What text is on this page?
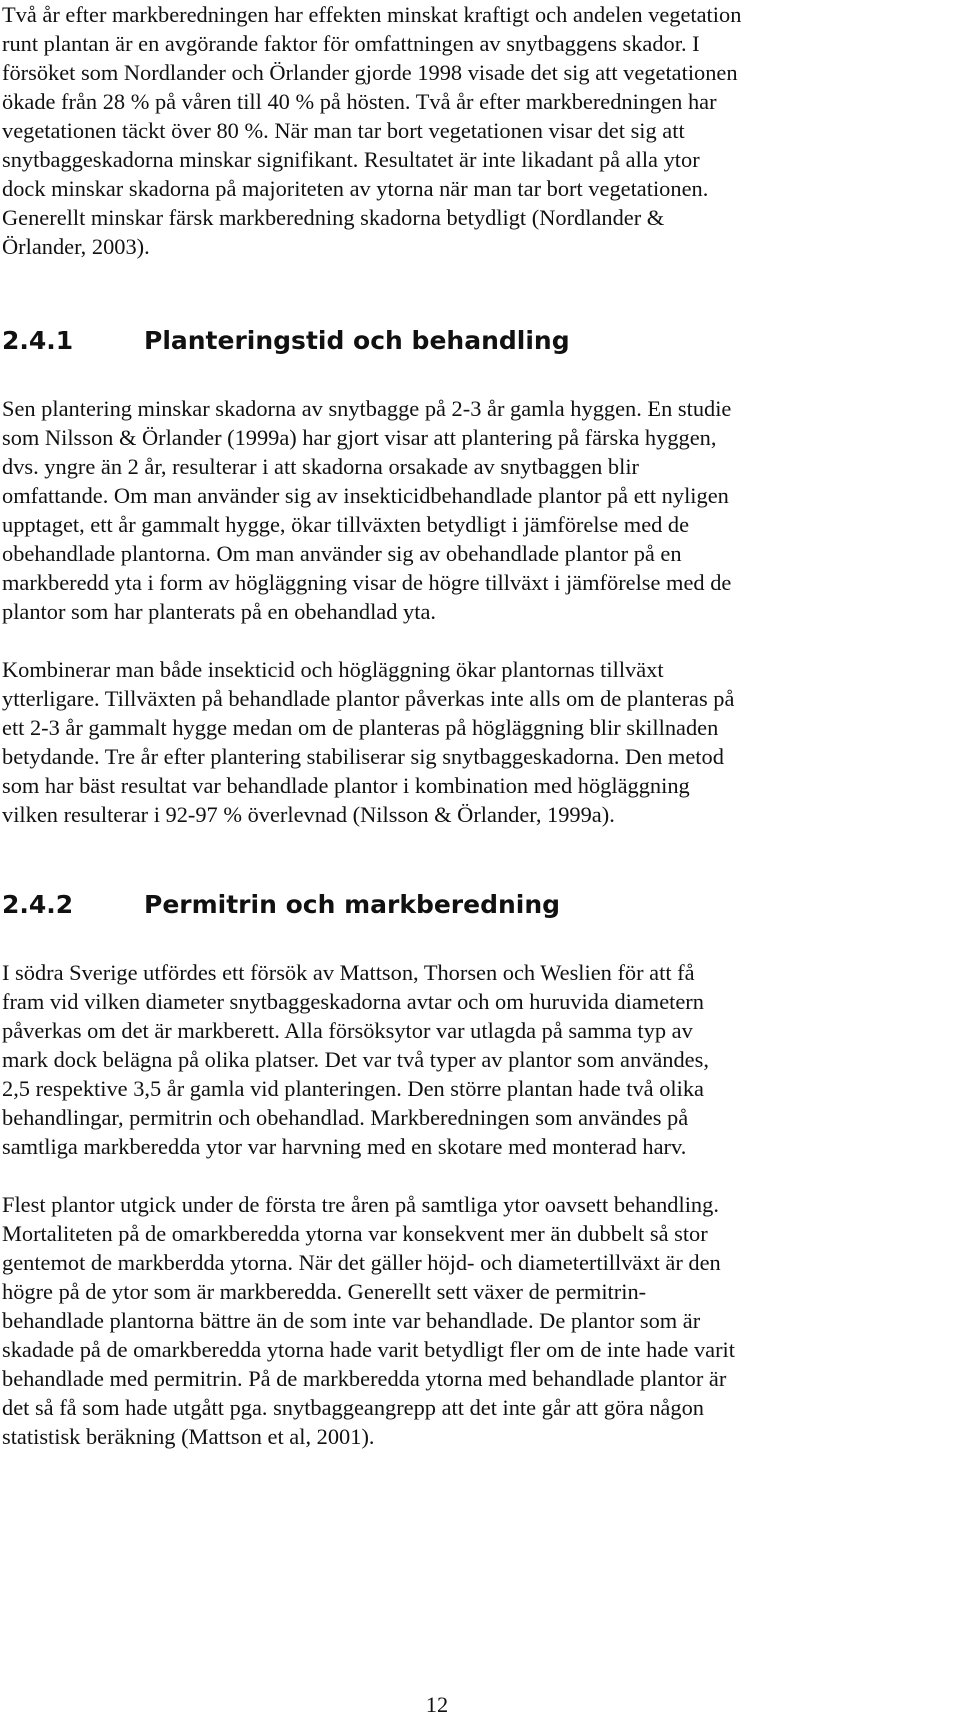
Två år efter markberedningen har effekten minskat kraftigt och andelen vegetation
runt plantan är en avgörande faktor för omfattningen av snytbaggens skador. I
försöket som Nordlander och Örlander gjorde 1998 visade det sig att vegetationen
ökade från 28 % på våren till 40 % på hösten. Två år efter markberedningen har
vegetationen täckt över 80 %. När man tar bort vegetationen visar det sig att
snytbaggeskadorna minskar signifikant. Resultatet är inte likadant på alla ytor
dock minskar skadorna på majoriteten av ytorna när man tar bort vegetationen.
Generellt minskar färsk markberedning skadorna betydligt (Nordlander &
Örlander, 2003).

2.4.1	Planteringstid och behandling

Sen plantering minskar skadorna av snytbagge på 2-3 år gamla hyggen. En studie
som Nilsson & Örlander (1999a) har gjort visar att plantering på färska hyggen,
dvs. yngre än 2 år, resulterar i att skadorna orsakade av snytbaggen blir
omfattande. Om man använder sig av insekticidbehandlade plantor på ett nyligen
upptaget, ett år gammalt hygge, ökar tillväxten betydligt i jämförelse med de
obehandlade plantorna. Om man använder sig av obehandlade plantor på en
markberedd yta i form av högläggning visar de högre tillväxt i jämförelse med de
plantor som har planterats på en obehandlad yta.

Kombinerar man både insekticid och högläggning ökar plantornas tillväxt
ytterligare. Tillväxten på behandlade plantor påverkas inte alls om de planteras på
ett 2-3 år gammalt hygge medan om de planteras på högläggning blir skillnaden
betydande. Tre år efter plantering stabiliserar sig snytbaggeskadorna. Den metod
som har bäst resultat var behandlade plantor i kombination med högläggning
vilken resulterar i 92-97 % överlevnad (Nilsson & Örlander, 1999a).

2.4.2	Permitrin och markberedning

I södra Sverige utfördes ett försök av Mattson, Thorsen och Weslien för att få
fram vid vilken diameter snytbaggeskadorna avtar och om huruvida diametern
påverkas om det är markberett. Alla försöksytor var utlagda på samma typ av
mark dock belägna på olika platser. Det var två typer av plantor som användes,
2,5 respektive 3,5 år gamla vid planteringen. Den större plantan hade två olika
behandlingar, permitrin och obehandlad. Markberedningen som användes på
samtliga markberedda ytor var harvning med en skotare med monterad harv.

Flest plantor utgick under de första tre åren på samtliga ytor oavsett behandling.
Mortaliteten på de omarkberedda ytorna var konsekvent mer än dubbelt så stor
gentemot de markberdda ytorna. När det gäller höjd- och diametertillväxt är den
högre på de ytor som är markberedda. Generellt sett växer de permitrin-
behandlade plantorna bättre än de som inte var behandlade. De plantor som är
skadade på de omarkberedda ytorna hade varit betydligt fler om de inte hade varit
behandlade med permitrin. På de markberedda ytorna med behandlade plantor är
det så få som hade utgått pga. snytbaggeangrepp att det inte går att göra någon
statistisk beräkning (Mattson et al, 2001).

12
